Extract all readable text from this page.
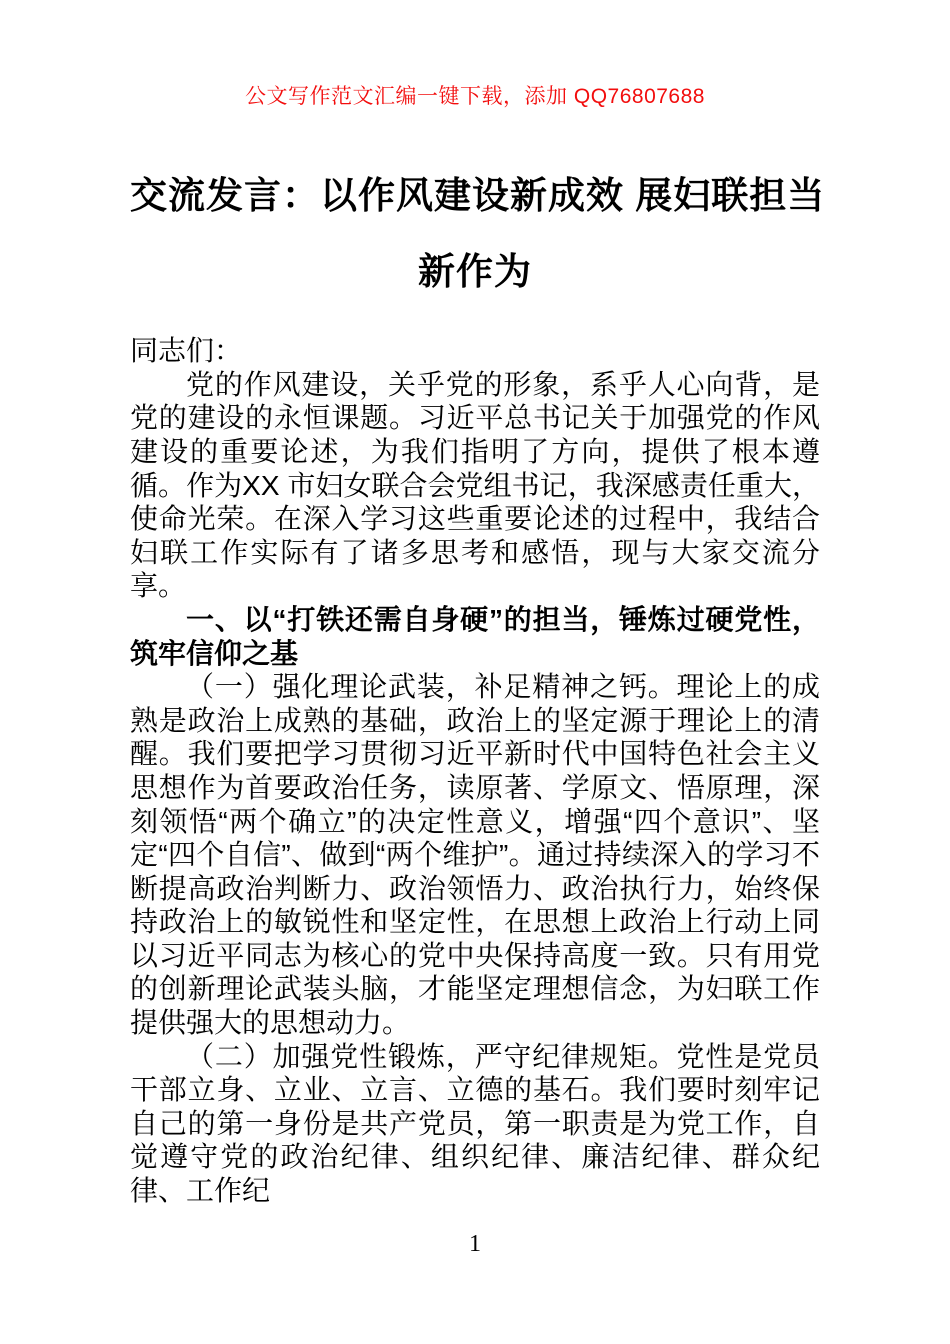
公文写作范文汇编一键下载，添加 QQ76807688
交流发言：以作风建设新成效 展妇联担当
新作为

同志们：

党的作风建设，关乎党的形象，系乎人心向背，是党的建设的永恒课题。习近平总书记关于加强党的作风建设的重要论述，为我们指明了方向，提供了根本遵循。作为XX 市妇女联合会党组书记，我深感责任重大，使命光荣。在深入学习这些重要论述的过程中，我结合妇联工作实际有了诸多思考和感悟，现与大家交流分享。

一、以“打铁还需自身硬”的担当，锤炼过硬党性，筑牢信仰之基

（一）强化理论武装，补足精神之钙。理论上的成熟是政治上成熟的基础，政治上的坚定源于理论上的清醒。我们要把学习贯彻习近平新时代中国特色社会主义思想作为首要政治任务，读原著、学原文、悟原理，深刻领悟“两个确立”的决定性意义，增强“四个意识”、坚定“四个自信”、做到“两个维护”。通过持续深入的学习不断提高政治判断力、政治领悟力、政治执行力，始终保持政治上的敏锐性和坚定性，在思想上政治上行动上同以习近平同志为核心的党中央保持高度一致。只有用党的创新理论武装头脑，才能坚定理想信念，为妇联工作提供强大的思想动力。

（二）加强党性锻炼，严守纪律规矩。党性是党员干部立身、立业、立言、立德的基石。我们要时刻牢记自己的第一身份是共产党员，第一职责是为党工作，自觉遵守党的政治纪律、组织纪律、廉洁纪律、群众纪律、工作纪

1
